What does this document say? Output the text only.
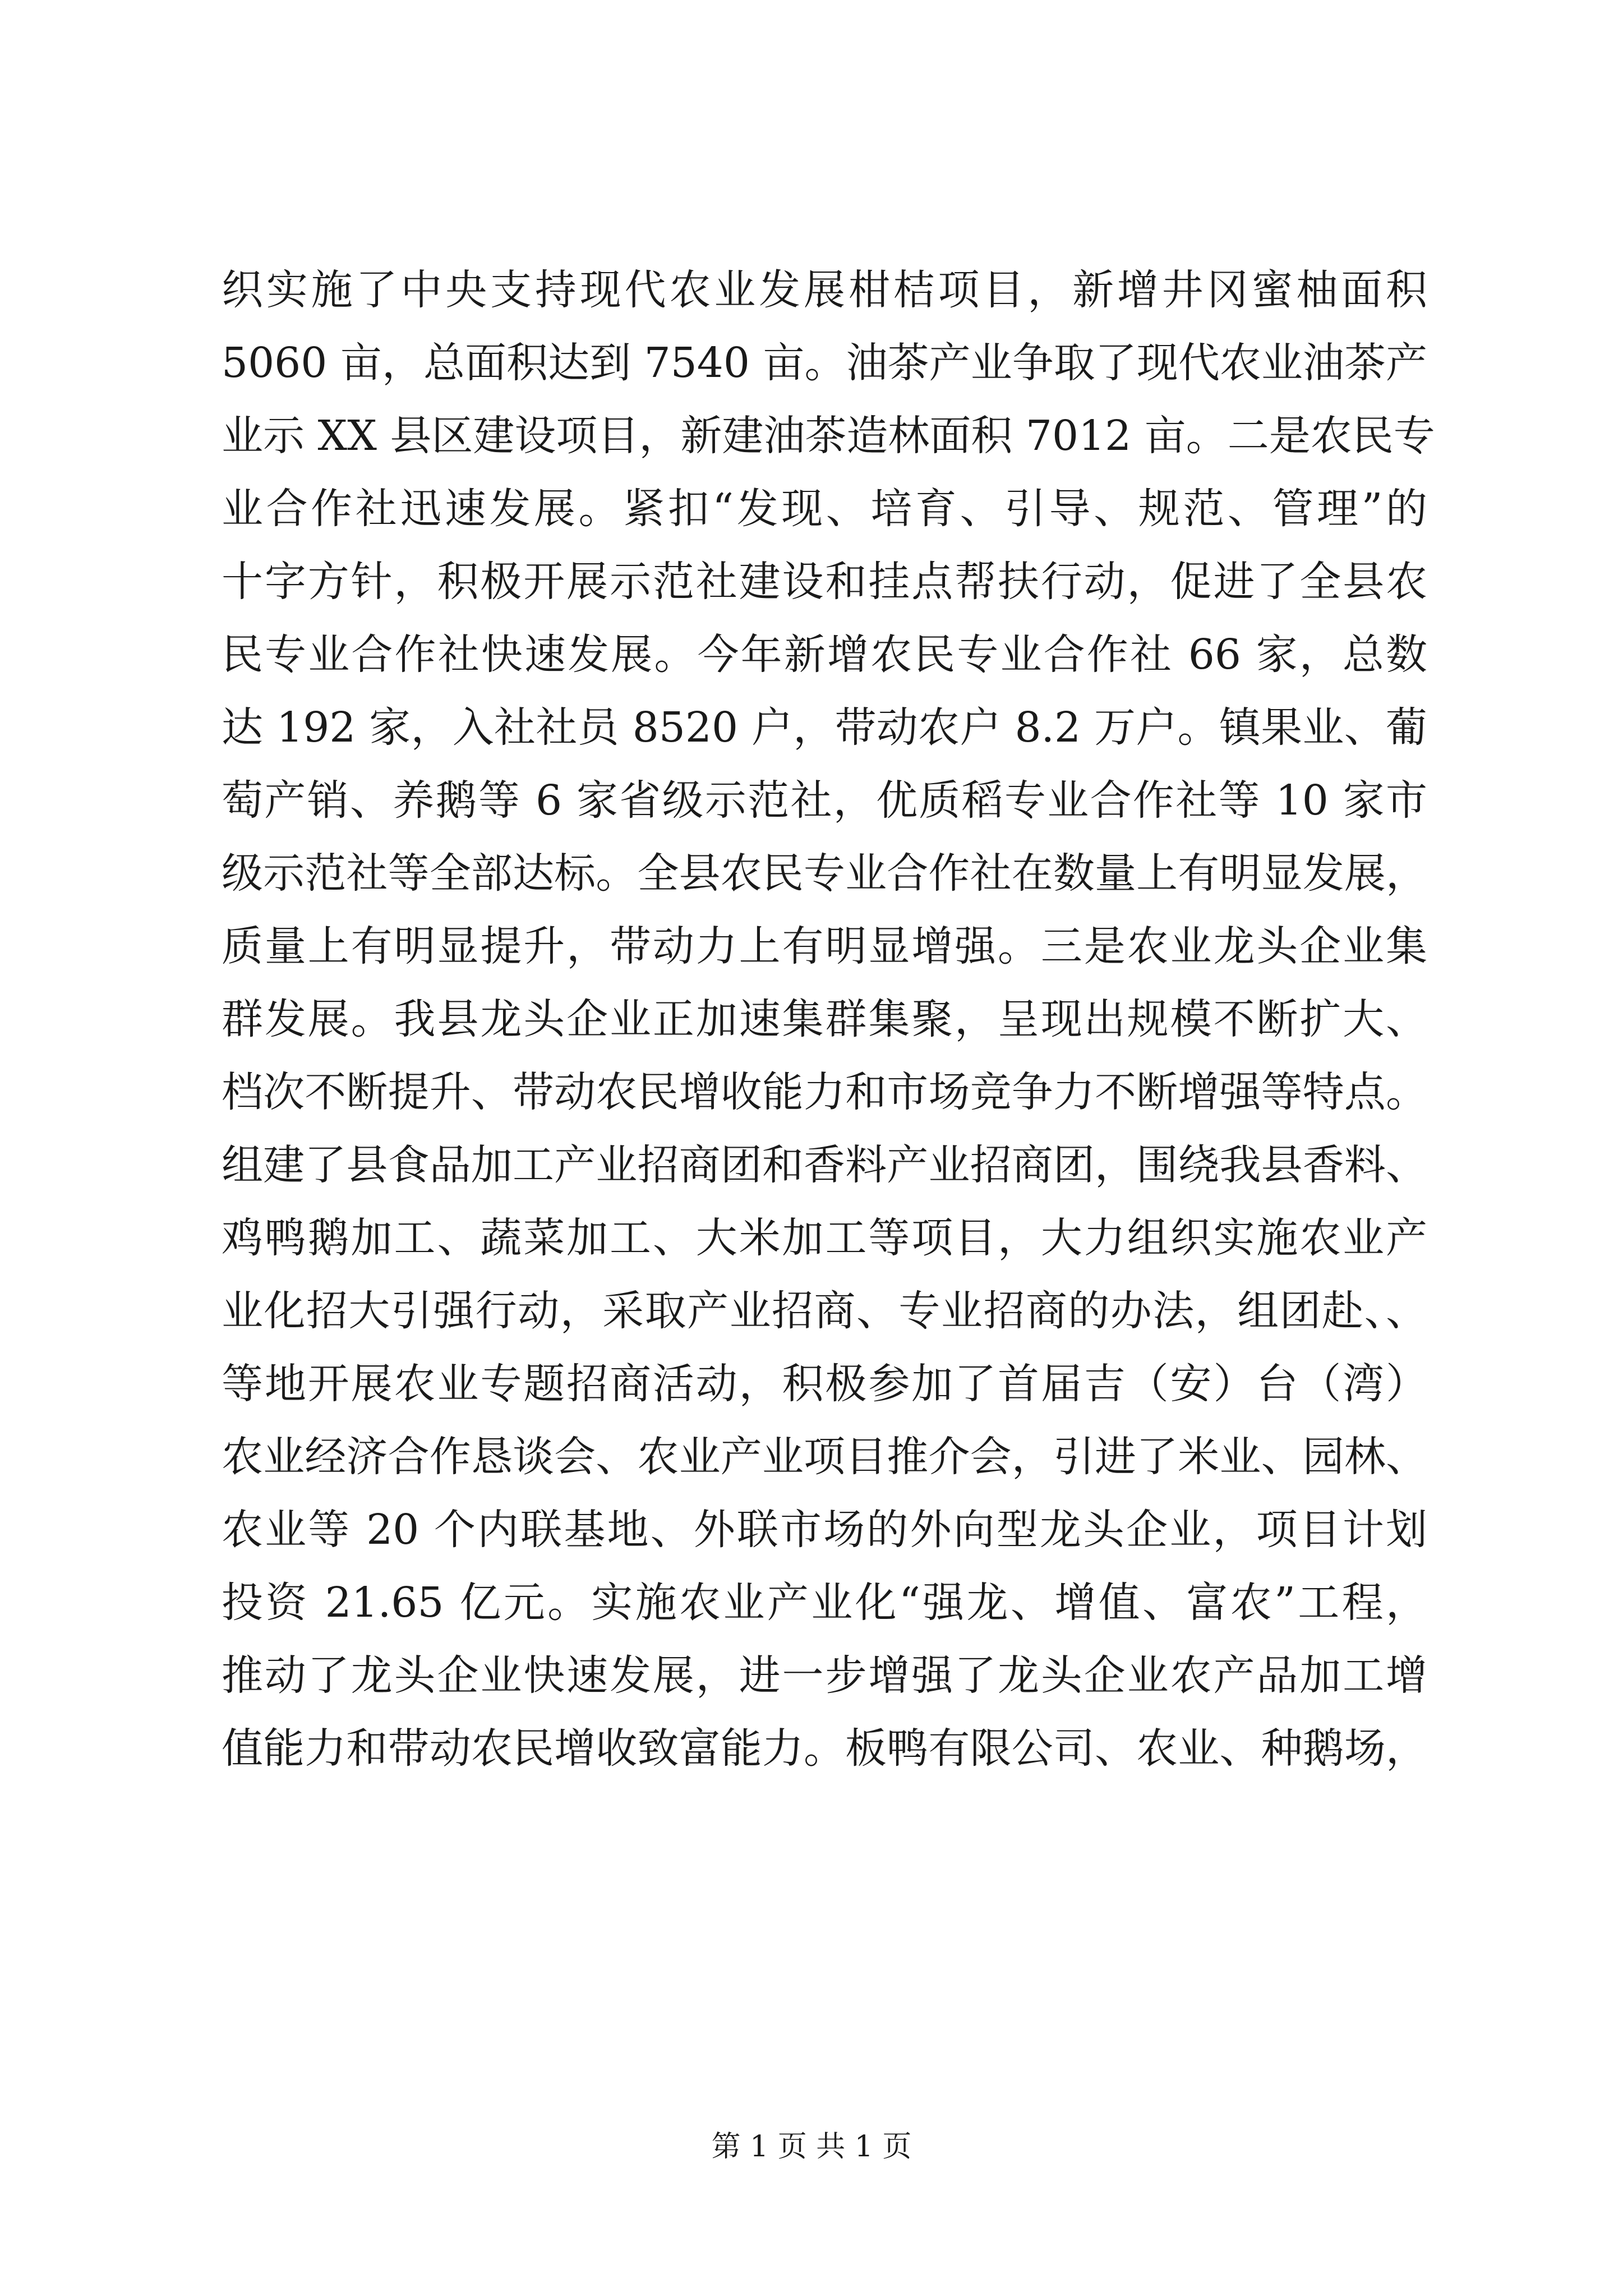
织实施了中央支持现代农业发展柑桔项目，新增井冈蜜柚面积
5060 亩，总面积达到 7540 亩。油茶产业争取了现代农业油茶产
业示 XX 县区建设项目，新建油茶造林面积 7012 亩。二是农民专
业合作社迅速发展。紧扣“发现、培育、引导、规范、管理”的
十字方针，积极开展示范社建设和挂点帮扶行动，促进了全县农
民专业合作社快速发展。今年新增农民专业合作社 66 家，总数
达 192 家，入社社员 8520 户，带动农户 8.2 万户。镇果业、葡
萄产销、养鹅等 6 家省级示范社，优质稻专业合作社等 10 家市
级示范社等全部达标。全县农民专业合作社在数量上有明显发展，
质量上有明显提升，带动力上有明显增强。三是农业龙头企业集
群发展。我县龙头企业正加速集群集聚，呈现出规模不断扩大、
档次不断提升、带动农民增收能力和市场竞争力不断增强等特点。
组建了县食品加工产业招商团和香料产业招商团，围绕我县香料、
鸡鸭鹅加工、蔬菜加工、大米加工等项目，大力组织实施农业产
业化招大引强行动，采取产业招商、专业招商的办法，组团赴、、
等地开展农业专题招商活动，积极参加了首届吉（安）台（湾）
农业经济合作恳谈会、农业产业项目推介会，引进了米业、园林、
农业等 20 个内联基地、外联市场的外向型龙头企业，项目计划
投资 21.65 亿元。实施农业产业化“强龙、增值、富农”工程，
推动了龙头企业快速发展，进一步增强了龙头企业农产品加工增
值能力和带动农民增收致富能力。板鸭有限公司、农业、种鹅场，
第 1 页 共 1 页
